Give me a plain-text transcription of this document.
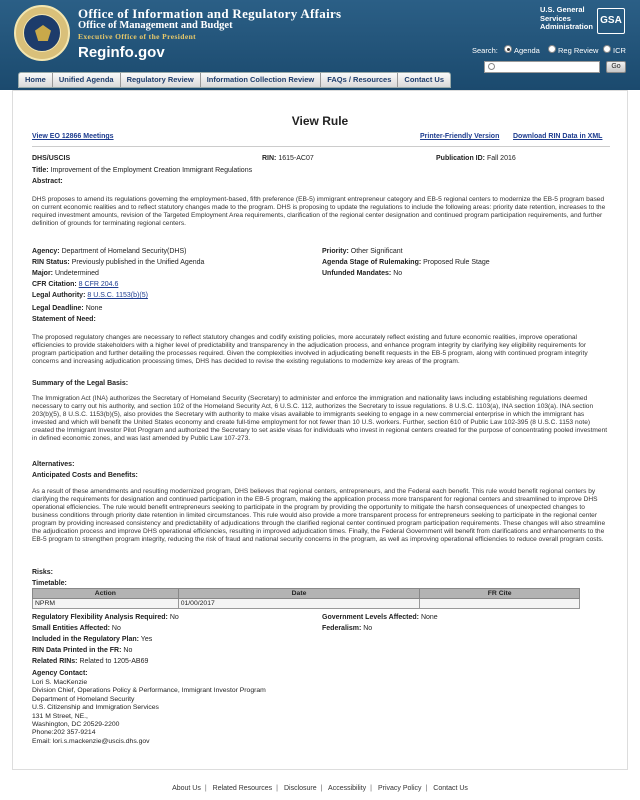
Office of Information and Regulatory Affairs
Office of Management and Budget
Executive Office of the President
Reginfo.gov
U.S. General Services Administration
GSA
Search: Agenda Reg Review ICR
Go
Home	Unified Agenda	Regulatory Review	Information Collection Review	FAQs / Resources	Contact Us
View Rule
View EO 12866 Meetings	Printer-Friendly Version Download RIN Data in XML
DHS/USCIS	RIN: 1615-AC07	Publication ID: Fall 2016
Title: Improvement of the Employment Creation Immigrant Regulations
Abstract:
DHS proposes to amend its regulations governing the employment-based, fifth preference (EB-5) immigrant entrepreneur category and EB-5 regional centers to modernize the EB-5 program based on current economic realities and to reflect statutory changes made to the program. DHS is proposing to update the regulations to include the following areas: priority date retention, increases to the required investment amounts, revision of the Targeted Employment Area requirements, clarification of the regional center designation and continued program participation requirements, and further definition of grounds for terminating regional centers.
Agency: Department of Homeland Security(DHS)	Priority: Other Significant
RIN Status: Previously published in the Unified Agenda	Agenda Stage of Rulemaking: Proposed Rule Stage
Major: Undetermined	Unfunded Mandates: No
CFR Citation: 8 CFR 204.6
Legal Authority: 8 U.S.C. 1153(b)(5)
Legal Deadline: None
Statement of Need:
The proposed regulatory changes are necessary to reflect statutory changes and codify existing policies, more accurately reflect existing and future economic realities, improve operational efficiencies to provide stakeholders with a higher level of predictability and transparency in the adjudication process, and enhance program integrity by clarifying key eligibility requirements for program participation and further detailing the processes required. Given the complexities involved in adjudicating benefit requests in the EB-5 program, along with continued program integrity concerns and increasing adjudication processing times, DHS has decided to revise the existing regulations to modernize key areas of the program.
Summary of the Legal Basis:
The Immigration Act (INA) authorizes the Secretary of Homeland Security (Secretary) to administer and enforce the immigration and nationality laws including establishing regulations deemed necessary to carry out his authority, and section 102 of the Homeland Security Act, 6 U.S.C. 112, authorizes the Secretary to issue regulations. 8 U.S.C. 1103(a), INA section 103(a). INA section 203(b)(5), 8 U.S.C. 1153(b)(5), also provides the Secretary with authority to make visas available to immigrants seeking to engage in a new commercial enterprise in which the immigrant has invested and which will benefit the United States economy and create full-time employment for not fewer than 10 U.S. workers. Further, section 610 of Public Law 102-395 (8 U.S.C. 1153 note) created the Immigrant Investor Pilot Program and authorized the Secretary to set aside visas for individuals who invest in regional centers created for the purpose of concentrating pooled investment in defined economic zones, and was last amended by Public Law 107-273.
Alternatives:
Anticipated Costs and Benefits:
As a result of these amendments and resulting modernized program, DHS believes that regional centers, entrepreneurs, and the Federal each benefit. This rule would benefit regional centers by clarifying the requirements for designation and continued participation in the EB-5 program, making the application process more transparent for regional centers and streamlined to improve DHS operational efficiencies. The rule would benefit entrepreneurs seeking to participate in the program by providing the opportunity to mitigate the harsh consequences of unexpected changes to business conditions through priority date retention in limited circumstances. This rule would also provide a more transparent process for entrepreneurs seeking to participate in the regional center program by providing increased consistency and predictability of adjudications through the clarified regional center continued program participation requirements. These changes will also streamline the adjudication process and improve DHS operational efficiencies, resulting in improved adjudication times. Finally, the Federal Government will benefit from clarifications and enhancements to the EB-5 program to strengthen program integrity, reducing the risk of fraud and national security concerns in the program, as well as improving operational efficiencies to reduce overall program costs.
Risks:
Timetable:
Action	Date	FR Cite
NPRM	01/00/2017	
Regulatory Flexibility Analysis Required: No	Government Levels Affected: None
Small Entities Affected: No	Federalism: No
Included in the Regulatory Plan: Yes
RIN Data Printed in the FR: No
Related RINs: Related to 1205-AB69
Agency Contact:
Lori S. MacKenzie
Division Chief, Operations Policy & Performance, Immigrant Investor Program
Department of Homeland Security
U.S. Citizenship and Immigration Services
131 M Street, NE.,
Washington, DC 20529-2200
Phone:202 357-9214
Email: lori.s.mackenzie@uscis.dhs.gov
About Us | Related Resources | Disclosure | Accessibility | Privacy Policy | Contact Us
